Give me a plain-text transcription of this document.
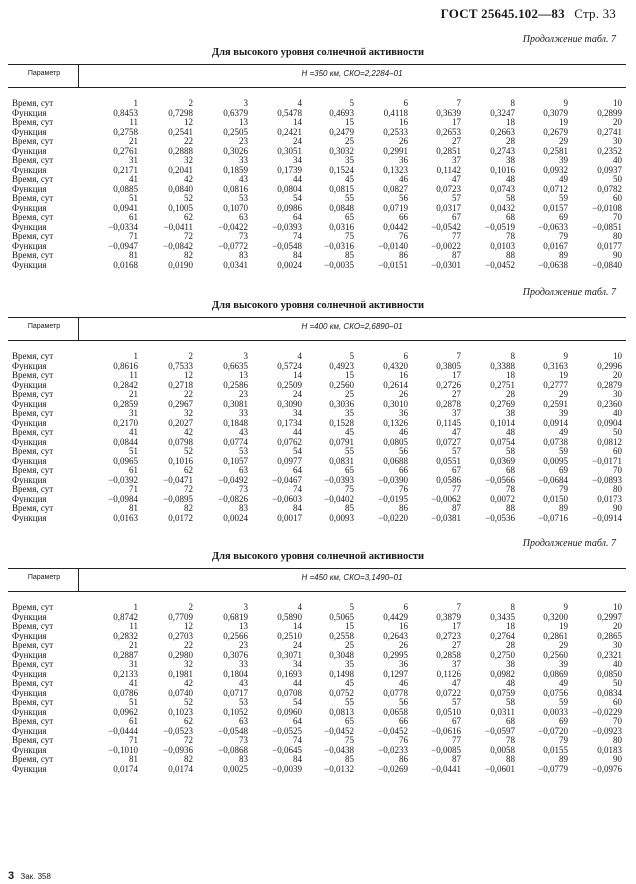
ГОСТ 25645.102—83 Стр. 33
Продолжение табл. 7
Для высокого уровня солнечной активности
Параметр	H =350 км, СКО=2,2284–01
Время, сут	1	2	3	4	5	6	7	8	9	10
Функция	0,8453	0,7298	0,6379	0,5478	0,4693	0,4118	0,3639	0,3247	0,3079	0,2899
Время, сут	11	12	13	14	15	16	17	18	19	20
Функция	0,2758	0,2541	0,2505	0,2421	0,2479	0,2533	0,2653	0,2663	0,2679	0,2741
Время, сут	21	22	23	24	25	26	27	28	29	30
Функция	0,2761	0,2888	0,3026	0,3051	0,3032	0,2991	0,2851	0,2743	0,2581	0,2352
Время, сут	31	32	33	34	35	36	37	38	39	40
Функция	0,2171	0,2041	0,1859	0,1739	0,1524	0,1323	0,1142	0,1016	0,0932	0,0937
Время, сут	41	42	43	44	45	46	47	48	49	50
Функция	0,0885	0,0840	0,0816	0,0804	0,0815	0,0827	0,0723	0,0743	0,0712	0,0782
Время, сут	51	52	53	54	55	56	57	58	59	60
Функция	0,0941	0,1005	0,1070	0,0986	0,0848	0,0719	0,0317	0,0432	0,0157	−0,0108
Время, сут	61	62	63	64	65	66	67	68	69	70
Функция	−0,0334	−0,0411	−0,0422	−0,0393	0,0316	0,0442	−0,0542	−0,0519	−0,0633	−0,0851
Время, сут	71	72	73	74	75	76	77	78	79	80
Функция	−0,0947	−0,0842	−0,0772	−0,0548	−0,0316	−0,0140	−0,0022	0,0103	0,0167	0,0177
Время, сут	81	82	83	84	85	86	87	88	89	90
Функция	0,0168	0,0190	0,0341	0,0024	−0,0035	−0,0151	−0,0301	−0,0452	−0,0638	−0,0840
Продолжение табл. 7
Для высокого уровня солнечной активности
Параметр	H =400 км, СКО=2,6890–01
Время, сут	1	2	3	4	5	6	7	8	9	10
Функция	0,8616	0,7533	0,6635	0,5724	0,4923	0,4320	0,3805	0,3388	0,3163	0,2996
Время, сут	11	12	13	14	15	16	17	18	19	20
Функция	0,2842	0,2718	0,2586	0,2509	0,2560	0,2614	0,2726	0,2751	0,2777	0,2879
Время, сут	21	22	23	24	25	26	27	28	29	30
Функция	0,2859	0,2967	0,3081	0,3090	0,3036	0,3010	0,2878	0,2769	0,2591	0,2360
Время, сут	31	32	33	34	35	36	37	38	39	40
Функция	0,2170	0,2027	0,1848	0,1734	0,1528	0,1326	0,1145	0,1014	0,0914	0,0904
Время, сут	41	42	43	44	45	46	47	48	49	50
Функция	0,0844	0,0798	0,0774	0,0762	0,0791	0,0805	0,0727	0,0754	0,0738	0,0812
Время, сут	51	52	53	54	55	56	57	58	59	60
Функция	0,0965	0,1016	0,1057	0,0977	0,0831	0,0688	0,0551	0,0369	0,0095	−0,0171
Время, сут	61	62	63	64	65	66	67	68	69	70
Функция	−0,0392	−0,0471	−0,0492	−0,0467	−0,0393	−0,0390	0,0586	−0,0566	−0,0684	−0,0893
Время, сут	71	72	73	74	75	76	77	78	79	80
Функция	−0,0984	−0,0895	−0,0826	−0,0603	−0,0402	−0,0195	−0,0062	0,0072	0,0150	0,0173
Время, сут	81	82	83	84	85	86	87	88	89	90
Функция	0,0163	0,0172	0,0024	0,0017	0,0093	−0,0220	−0,0381	−0,0536	−0,0716	−0,0914
Продолжение табл. 7
Для высокого уровня солнечной активности
Параметр	H =450 км, СКО=3,1490–01
Время, сут	1	2	3	4	5	6	7	8	9	10
Функция	0,8742	0,7709	0,6819	0,5890	0,5065	0,4429	0,3879	0,3435	0,3200	0,2997
Время, сут	11	12	13	14	15	16	17	18	19	20
Функция	0,2832	0,2703	0,2566	0,2510	0,2558	0,2643	0,2723	0,2764	0,2861	0,2865
Время, сут	21	22	23	24	25	26	27	28	29	30
Функция	0,2887	0,2980	0,3076	0,3071	0,3048	0,2995	0,2858	0,2750	0,2560	0,2321
Время, сут	31	32	33	34	35	36	37	38	39	40
Функция	0,2133	0,1981	0,1804	0,1693	0,1498	0,1297	0,1126	0,0982	0,0869	0,0850
Время, сут	41	42	43	44	45	46	47	48	49	50
Функция	0,0786	0,0740	0,0717	0,0708	0,0752	0,0778	0,0722	0,0759	0,0756	0,0834
Время, сут	51	52	53	54	55	56	57	58	59	60
Функция	0,0962	0,1023	0,1052	0,0960	0,0813	0,0658	0,0510	0,0311	0,0033	−0,0229
Время, сут	61	62	63	64	65	66	67	68	69	70
Функция	−0,0444	−0,0523	−0,0548	−0,0525	−0,0452	−0,0452	−0,0616	−0,0597	−0,0720	−0,0923
Время, сут	71	72	73	74	75	76	77	78	79	80
Функция	−0,1010	−0,0936	−0,0868	−0,0645	−0,0438	−0,0233	−0,0085	0,0058	0,0155	0,0183
Время, сут	81	82	83	84	85	86	87	88	89	90
Функция	0,0174	0,0174	0,0025	−0,0039	−0,0132	−0,0269	−0,0441	−0,0601	−0,0779	−0,0976
3 Зак. 358
